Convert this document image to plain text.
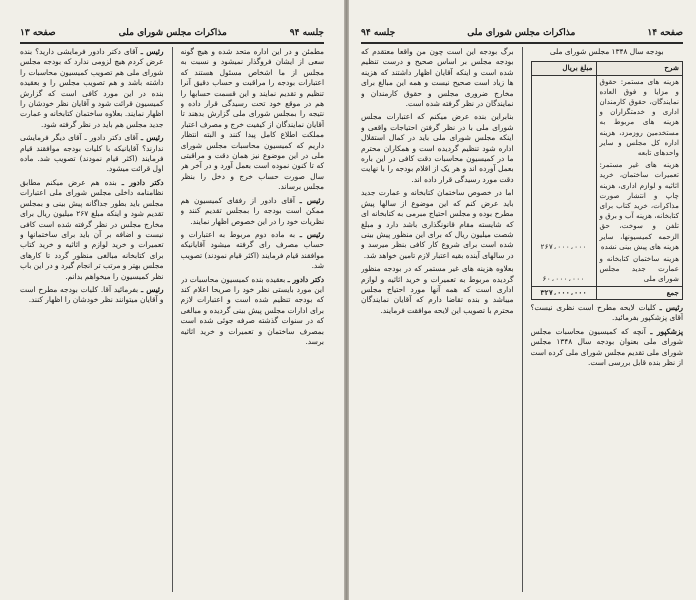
جلسه ۹۴
مذاکرات مجلس شورای ملی
صفحه ۱۳

مطمئن و در این اداره متحد شده و هیچ گونه سعی از ایشان فروگذار نمیشود و نسبت به مجلس از ما اشخاص مسئول هستند که اعتبارات بودجه را مراقبت و حساب دقیق آنرا تنظیم و تقدیم نمایند و این قسمت حسابها را هم در موقع خود تحت رسیدگی قرار داده و نتیجه را بمجلس شورای ملی گزارش بدهند تا آقایان نمایندگان از کیفیت خرج و مصرف اعتبار مملکت اطلاع کامل پیدا کنند و البته انتظار داریم که کمیسیون محاسبات مجلس شورای ملی در این موضوع نیز همان دقت و مراقبتی که تا کنون نموده است بعمل آورد و در آخر هر سال صورت حساب خرج و دخل را بنظر مجلس برساند.

رئیس ـ آقای دادور از رفقای کمیسیون هم ممکن است بودجه را بمجلس تقدیم کنند و نظریات خود را در این خصوص اظهار نمایند.

رئیس ـ به ماده دوم مربوط به اعتبارات و حساب مصرف رای گرفته میشود آقایانیکه موافقند قیام فرمایند (اکثر قیام نمودند) تصویب شد.

دکتر دادور ـ بعقیده بنده کمیسیون محاسبات در این مورد بایستی نظر خود را صریحا اعلام کند که بودجه تنظیم شده است و اعتبارات لازم برای ادارات مجلس پیش بینی گردیده و مبالغی که در سنوات گذشته صرفه جوئی شده است بمصرف ساختمان و تعمیرات و خرید اثاثیه برسد.

رئیس ـ آقای دکتر دادور فرمایشی دارید؟ بنده عرض کردم هیچ لزومی ندارد که بودجه مجلس شورای ملی هم تصویب کمیسیون محاسبات را داشته باشد و هم تصویب مجلس را و بعقیده بنده در این مورد کافی است که گزارش کمیسیون قرائت شود و آقایان نظر خودشان را اظهار نمایند. بعلاوه ساختمان کتابخانه و عمارت جدید مجلس هم باید در نظر گرفته شود.

رئیس ـ آقای دکتر دادور ـ آقای دیگر فرمایشی ندارند؟ آقایانیکه با کلیات بودجه موافقند قیام فرمایند (اکثر قیام نمودند) تصویب شد. ماده اول قرائت میشود.

دکتر دادور ـ بنده هم عرض میکنم مطابق نظامنامه داخلی مجلس شورای ملی اعتبارات مجلس باید بطور جداگانه پیش بینی و بمجلس تقدیم شود و اینکه مبلغ ۲۶۷ میلیون ریال برای مخارج مجلس در نظر گرفته شده است کافی نیست و اضافه بر آن باید برای ساختمانها و تعمیرات و خرید لوازم و اثاثیه و خرید کتاب برای کتابخانه مبالغی منظور گردد تا کارهای مجلس بهتر و مرتب تر انجام گیرد و در این باب نظر کمیسیون را میخواهم بدانم.

رئیس ـ بفرمائید آقا. کلیات بودجه مطرح است و آقایان میتوانند نظر خودشان را اظهار کنند.

صفحه ۱۴
مذاکرات مجلس شورای ملی
جلسه ۹۴
بودجه سال ۱۳۴۸ مجلس شورای ملی
شرح	مبلغ بریال
هزینه های مستمر: حقوق و مزایا و فوق العاده نمایندگان، حقوق کارمندان اداری و خدمتگزاران و هزینه های مربوط به مستخدمین روزمزد، هزینه اداره کل مجلس و سایر واحدهای تابعه	
هزینه های غیر مستمر: تعمیرات ساختمان، خرید اثاثیه و لوازم اداری، هزینه چاپ و انتشار صورت مذاکرات، خرید کتاب برای کتابخانه، هزینه آب و برق و تلفن و سوخت، حق الزحمه کمیسیونها، سایر هزینه های پیش بینی نشده	۲۶۷،۰۰۰،۰۰۰
هزینه ساختمان کتابخانه و عمارت جدید مجلس شورای ملی	۶۰،۰۰۰،۰۰۰
جمع	۳۲۷،۰۰۰،۰۰۰

رئیس ـ کلیات لایحه مطرح است نظری نیست؟ آقای پزشکپور بفرمائید.

پزشکپور ـ آنچه که کمیسیون محاسبات مجلس شورای ملی بعنوان بودجه سال ۱۳۴۸ مجلس شورای ملی تقدیم مجلس شورای ملی کرده است از نظر بنده قابل بررسی است.

برگ بودجه این است چون من واقعا معتقدم که بودجه مجلس بر اساس صحیح و درست تنظیم شده است و اینکه آقایان اظهار داشتند که هزینه ها زیاد است صحیح نیست و همه این مبالغ برای مخارج ضروری مجلس و حقوق کارمندان و نمایندگان در نظر گرفته شده است.

بنابراین بنده عرض میکنم که اعتبارات مجلس شورای ملی با در نظر گرفتن احتیاجات واقعی و اینکه مجلس شورای ملی باید در کمال استقلال اداره شود تنظیم گردیده است و همکاران محترم ما در کمیسیون محاسبات دقت کافی در این باره بعمل آورده اند و هر یک از اقلام بودجه را با نهایت دقت مورد رسیدگی قرار داده اند.

اما در خصوص ساختمان کتابخانه و عمارت جدید باید عرض کنم که این موضوع از سالها پیش مطرح بوده و مجلس احتیاج مبرمی به کتابخانه ای که شایسته مقام قانونگذاری باشد دارد و مبلغ شصت میلیون ریال که برای این منظور پیش بینی شده است برای شروع کار کافی بنظر میرسد و در سالهای آینده بقیه اعتبار لازم تامین خواهد شد.

بعلاوه هزینه های غیر مستمر که در بودجه منظور گردیده مربوط به تعمیرات و خرید اثاثیه و لوازم اداری است که همه آنها مورد احتیاج مجلس میباشد و بنده تقاضا دارم که آقایان نمایندگان محترم با تصویب این لایحه موافقت فرمایند.
